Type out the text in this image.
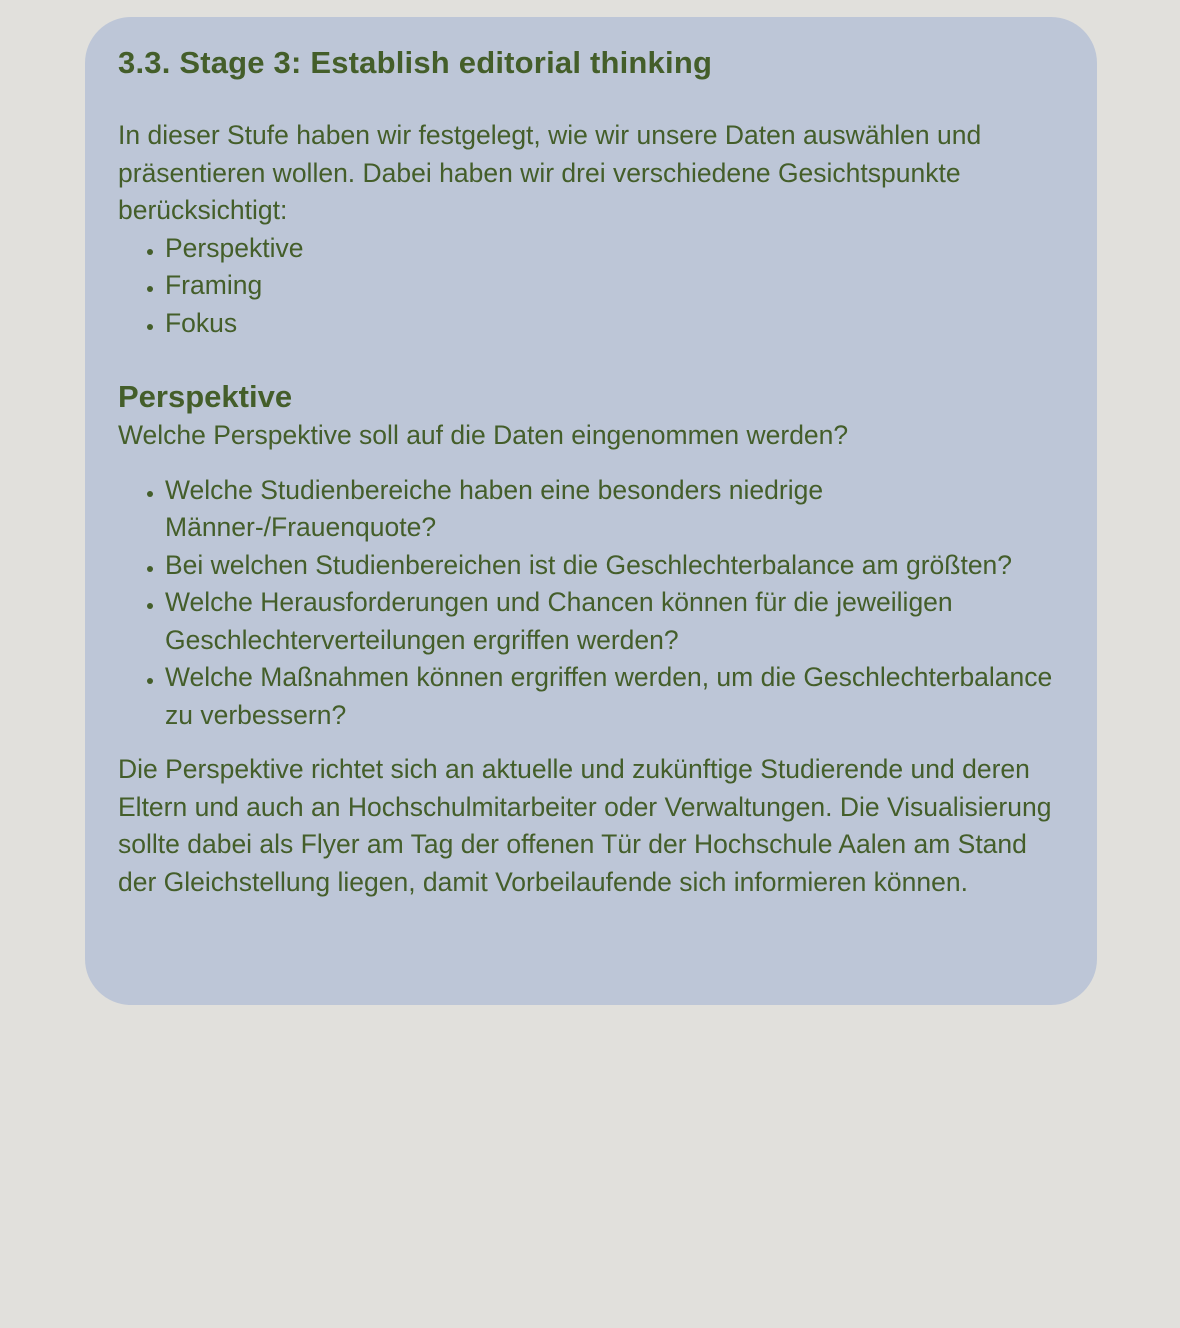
3.3. Stage 3: Establish editorial thinking

In dieser Stufe haben wir festgelegt, wie wir unsere Daten auswählen und präsentieren wollen. Dabei haben wir drei verschiedene Gesichtspunkte berücksichtigt:

• Perspektive
• Framing
• Fokus
Perspektive

Welche Perspektive soll auf die Daten eingenommen werden?

• Welche Studienbereiche haben eine besonders niedrige Männer-/Frauenquote?
• Bei welchen Studienbereichen ist die Geschlechterbalance am größten?
• Welche Herausforderungen und Chancen können für die jeweiligen Geschlechterverteilungen ergriffen werden?
• Welche Maßnahmen können ergriffen werden, um die Geschlechterbalance zu verbessern?

Die Perspektive richtet sich an aktuelle und zukünftige Studierende und deren Eltern und auch an Hochschulmitarbeiter oder Verwaltungen. Die Visualisierung sollte dabei als Flyer am Tag der offenen Tür der Hochschule Aalen am Stand der Gleichstellung liegen, damit Vorbeilaufende sich informieren können.
